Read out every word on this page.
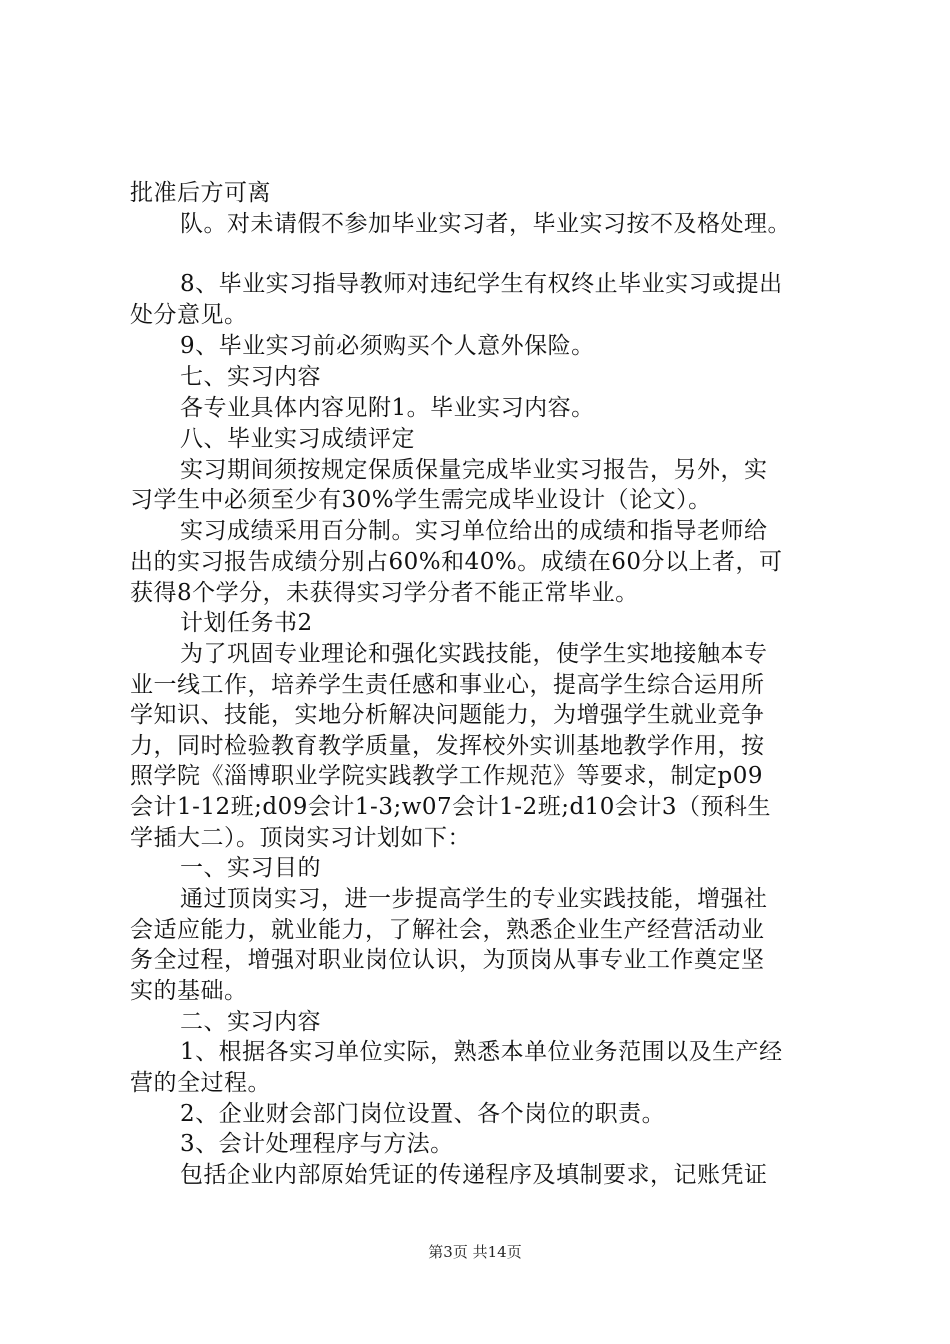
批准后方可离
队。对未请假不参加毕业实习者，毕业实习按不及格处理。
8、毕业实习指导教师对违纪学生有权终止毕业实习或提出
处分意见。
9、毕业实习前必须购买个人意外保险。
七、实习内容
各专业具体内容见附1。毕业实习内容。
八、毕业实习成绩评定
实习期间须按规定保质保量完成毕业实习报告，另外，实
习学生中必须至少有30%学生需完成毕业设计（论文）。
实习成绩采用百分制。实习单位给出的成绩和指导老师给
出的实习报告成绩分别占60%和40%。成绩在60分以上者，可
获得8个学分，未获得实习学分者不能正常毕业。
计划任务书2
为了巩固专业理论和强化实践技能，使学生实地接触本专
业一线工作，培养学生责任感和事业心，提高学生综合运用所
学知识、技能，实地分析解决问题能力，为增强学生就业竞争
力，同时检验教育教学质量，发挥校外实训基地教学作用，按
照学院《淄博职业学院实践教学工作规范》等要求，制定p09
会计1-12班;d09会计1-3;w07会计1-2班;d10会计3（预科生
学插大二）。顶岗实习计划如下：
一、实习目的
通过顶岗实习，进一步提高学生的专业实践技能，增强社
会适应能力，就业能力，了解社会，熟悉企业生产经营活动业
务全过程，增强对职业岗位认识，为顶岗从事专业工作奠定坚
实的基础。
二、实习内容
1、根据各实习单位实际，熟悉本单位业务范围以及生产经
营的全过程。
2、企业财会部门岗位设置、各个岗位的职责。
3、会计处理程序与方法。
包括企业内部原始凭证的传递程序及填制要求，记账凭证
第3页 共14页
